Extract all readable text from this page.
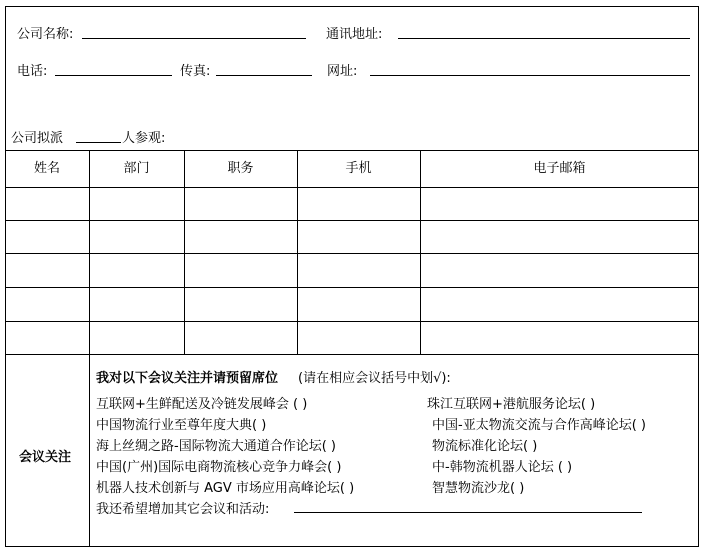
公司名称:	通讯地址:
电话:	传真:	网址:
公司拟派	人参观:
姓名	部门	职务	手机	电子邮箱
会议关注
我对以下会议关注并请预留席位 (请在相应会议括号中划√):
互联网+生鲜配送及冷链发展峰会 ( )
中国物流行业至尊年度大典( )
海上丝绸之路-国际物流大通道合作论坛( )
中国(广州)国际电商物流核心竞争力峰会( )
机器人技术创新与 AGV 市场应用高峰论坛( )
珠江互联网+港航服务论坛( )
中国-亚太物流交流与合作高峰论坛( )
物流标准化论坛( )
中-韩物流机器人论坛 ( )
智慧物流沙龙( )
我还希望增加其它会议和活动:
